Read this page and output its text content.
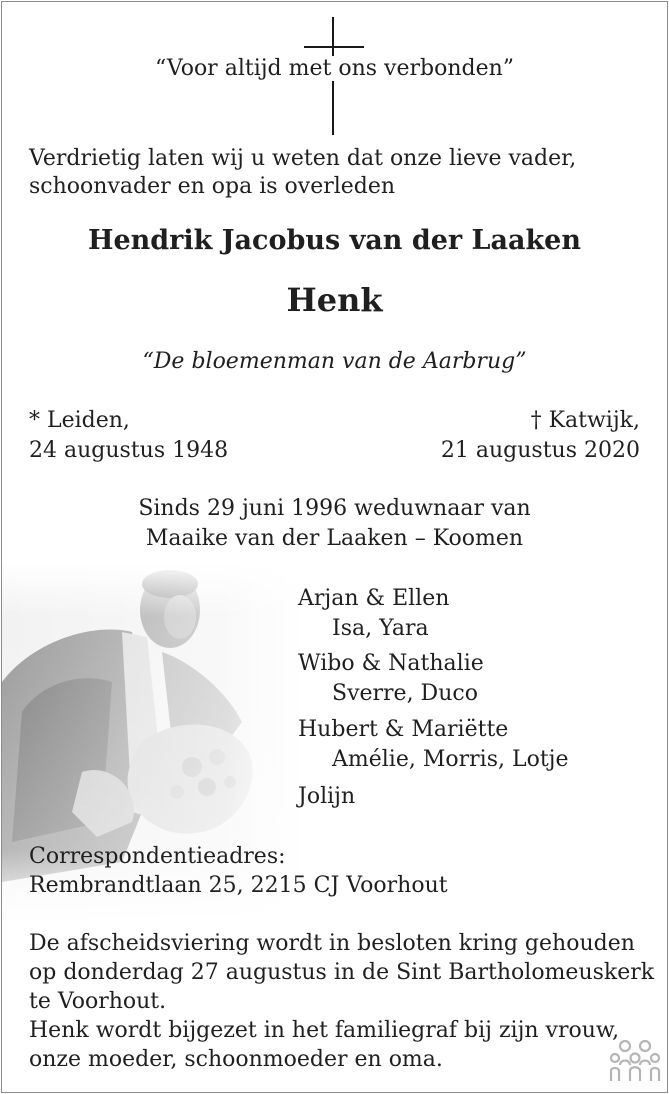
“Voor altijd met ons verbonden”
Verdrietig laten wij u weten dat onze lieve vader,
schoonvader en opa is overleden
Hendrik Jacobus van der Laaken
Henk
“De bloemenman van de Aarbrug”
* Leiden,
24 augustus 1948
† Katwijk,
21 augustus 2020
Sinds 29 juni 1996 weduwnaar van
Maaike van der Laaken – Koomen
Arjan & Ellen
Isa, Yara
Wibo & Nathalie
Sverre, Duco
Hubert & Mariëtte
Amélie, Morris, Lotje
Jolijn
Correspondentieadres:
Rembrandtlaan 25, 2215 CJ Voorhout
De afscheidsviering wordt in besloten kring gehouden
op donderdag 27 augustus in de Sint Bartholomeuskerk
te Voorhout.
Henk wordt bijgezet in het familiegraf bij zijn vrouw,
onze moeder, schoonmoeder en oma.
